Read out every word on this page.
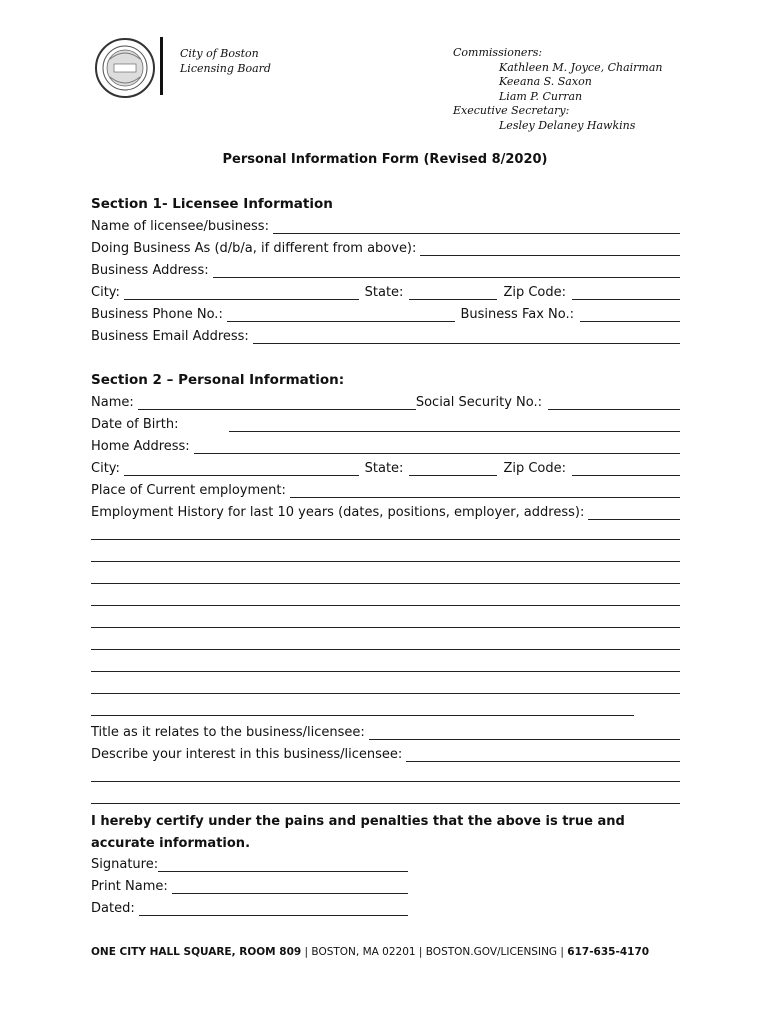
City of Boston
Licensing Board
Commissioners:
Kathleen M. Joyce, Chairman
Keeana S. Saxon
Liam P. Curran
Executive Secretary:
Lesley Delaney Hawkins
Personal Information Form (Revised 8/2020)
Section 1- Licensee Information
Name of licensee/business:
Doing Business As (d/b/a, if different from above):
Business Address:
City:	State:	Zip Code:
Business Phone No.:	Business Fax No.:
Business Email Address:
Section 2 – Personal Information:
Name:	Social Security No.:
Date of Birth:
Home Address:
City:	State:	Zip Code:
Place of Current employment:
Employment History for last 10 years (dates, positions, employer, address):
Title as it relates to the business/licensee:
Describe your interest in this business/licensee:
I hereby certify under the pains and penalties that the above is true and accurate information.
Signature:
Print Name:
Dated:
ONE CITY HALL SQUARE, ROOM 809 | BOSTON, MA 02201 | BOSTON.GOV/LICENSING | 617-635-4170
